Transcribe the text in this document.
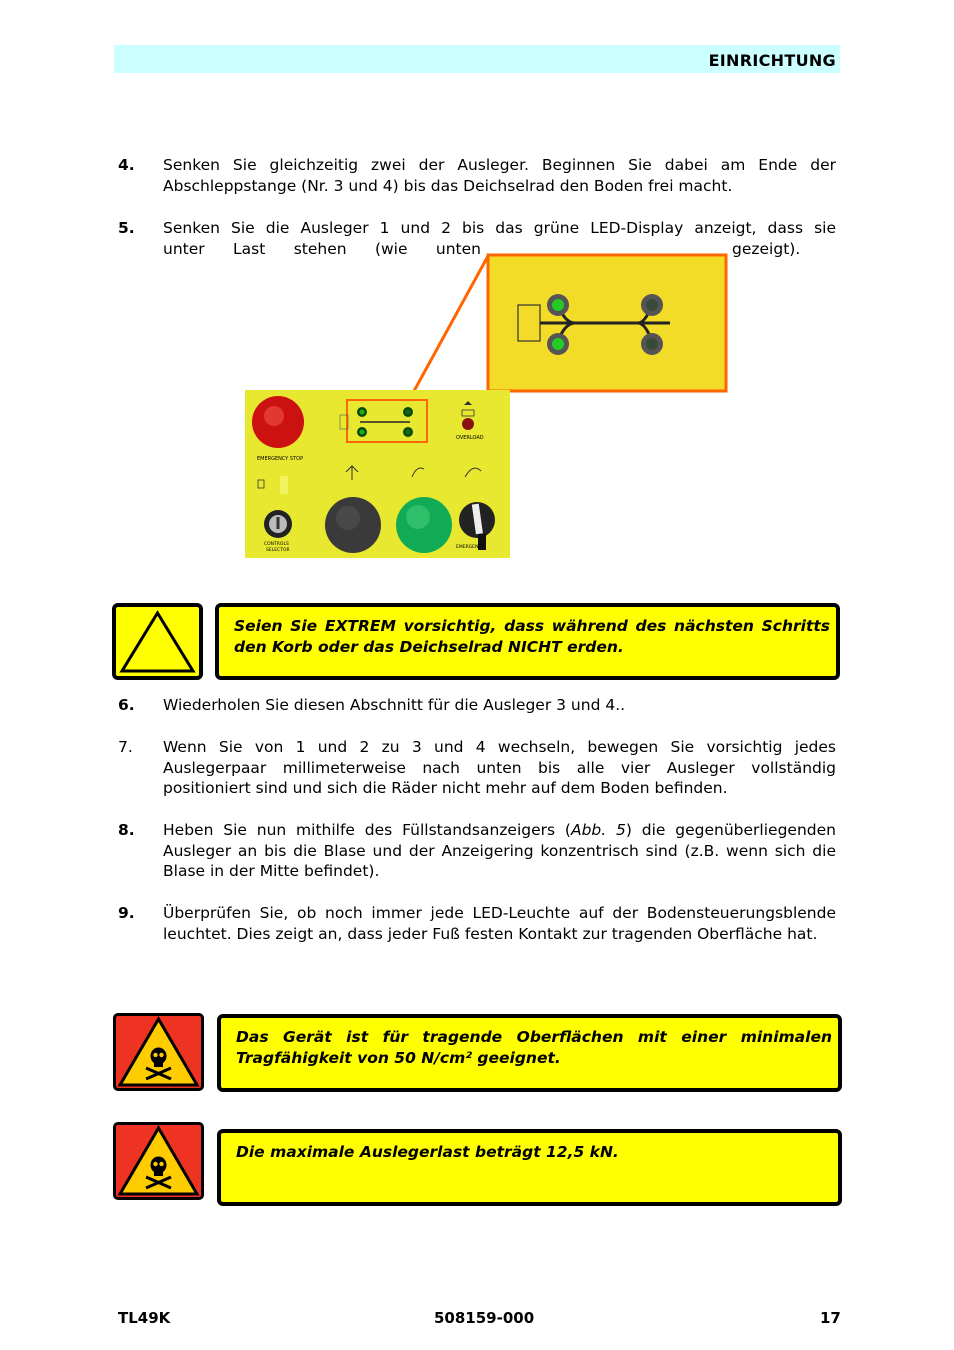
EINRICHTUNG
4.	Senken Sie gleichzeitig zwei der Ausleger. Beginnen Sie dabei am Ende der Abschleppstange (Nr. 3 und 4) bis das Deichselrad den Boden frei macht.
5.	Senken Sie die Ausleger 1 und 2 bis das grüne LED-Display anzeigt, dass sie
unter Last stehen (wie unten	gezeigt).
EMERGENCY STOP
OVERLOAD
CONTROLS
SELECTOR
EMERGENCY
Seien Sie EXTREM vorsichtig, dass während des nächsten Schritts den Korb oder das Deichselrad NICHT erden.
6.	Wiederholen Sie diesen Abschnitt für die Ausleger 3 und 4..
7.	Wenn Sie von 1 und 2 zu 3 und 4 wechseln, bewegen Sie vorsichtig jedes Auslegerpaar millimeterweise nach unten bis alle vier Ausleger vollständig positioniert sind und sich die Räder nicht mehr auf dem Boden befinden.
8.	Heben Sie nun mithilfe des Füllstandsanzeigers (Abb. 5) die gegenüberliegenden Ausleger an bis die Blase und der Anzeigering konzentrisch sind (z.B. wenn sich die Blase in der Mitte befindet).
9.	Überprüfen Sie, ob noch immer jede LED-Leuchte auf der Bodensteuerungsblende leuchtet. Dies zeigt an, dass jeder Fuß festen Kontakt zur tragenden Oberfläche hat.
Das Gerät ist für tragende Oberflächen mit einer minimalen Tragfähigkeit von 50 N/cm² geeignet.
Die maximale Auslegerlast beträgt 12,5 kN.
TL49K	508159-000	17
